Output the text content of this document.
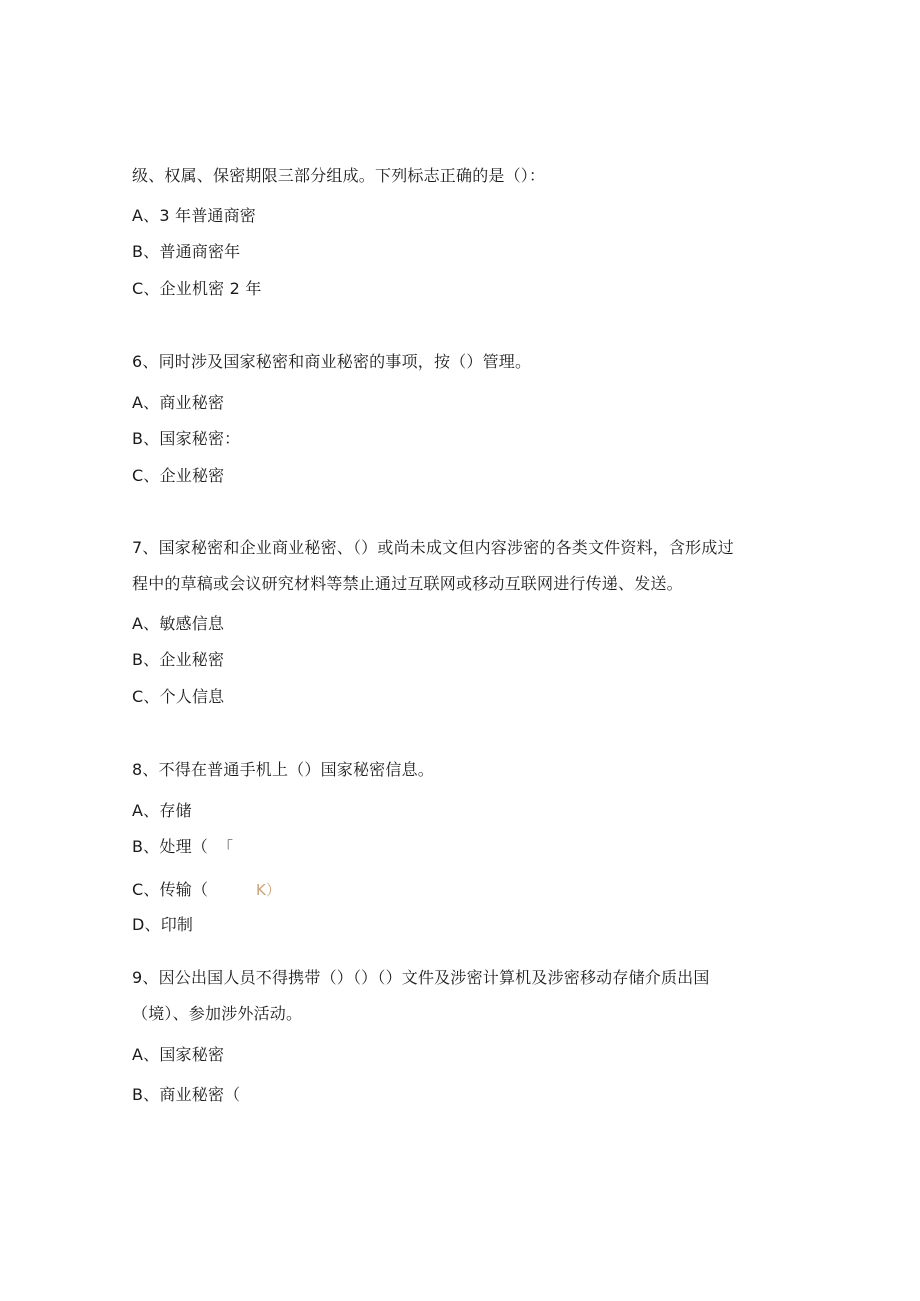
级、权属、保密期限三部分组成。下列标志正确的是（）：
A、3 年普通商密
B、普通商密年
C、企业机密 2 年
6、同时涉及国家秘密和商业秘密的事项，按（）管理。
A、商业秘密
B、国家秘密：
C、企业秘密
7、国家秘密和企业商业秘密、（）或尚未成文但内容涉密的各类文件资料，含形成过
程中的草稿或会议研究材料等禁止通过互联网或移动互联网进行传递、发送。
A、敏感信息
B、企业秘密
C、个人信息
8、不得在普通手机上（）国家秘密信息。
A、存储
B、处理（ 「
C、传输（	K）
D、印制
9、因公出国人员不得携带（）（）（）文件及涉密计算机及涉密移动存储介质出国
（境）、参加涉外活动。
A、国家秘密
B、商业秘密（
